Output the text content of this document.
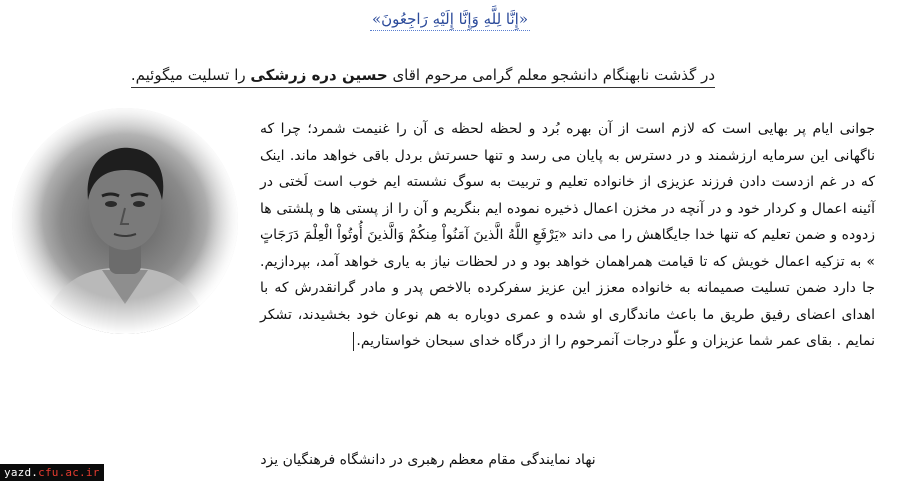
«إِنَّا لِلَّهِ وَإِنَّا إِلَيْهِ رَاجِعُونَ»
در گذشت نابهنگام دانشجو معلم گرامی مرحوم اقای حسین دره زرشکی را تسلیت میگوئیم.

جوانی ایام پر بهایی است که لازم است از آن بهره بُرد و لحظه لحظه ی آن را غنیمت شمرد؛ چرا که ناگهانی این سرمایه ارزشمند و در دسترس به پایان می رسد و تنها حسرتش بردل باقی خواهد ماند. اینک که در غم ازدست دادن فرزند عزیزی از خانواده تعلیم و تربیت به سوگ نشسته ایم خوب است لَختی در آئینه اعمال و کردار خود و در آنچه در مخزن اعمال ذخیره نموده ایم بنگریم و آن را از پستی ها و پلشتی ها زدوده و ضمن تعلیم که تنها خدا جایگاهش را می داند «یَرْفَعِ اللَّهُ الَّذینَ آمَنُواْ مِنكُمْ وَالَّذینَ أُوتُواْ الْعِلْمَ دَرَجَاتٍ » به تزکیه اعمال خویش که تا قیامت همراهمان خواهد بود و در لحظات نیاز به یاری خواهد آمد، بپردازیم. جا دارد ضمن تسلیت صمیمانه به خانواده معزز این عزیز سفرکرده بالاخص پدر و مادر گرانقدرش که با اهدای اعضای رفیق طریق ما باعث ماندگاری او شده و عمری دوباره به هم نوعان خود بخشیدند، تشکر نمایم . بقای عمر شما عزیزان و علّو درجات آنمرحوم را از درگاه خدای سبحان خواستاریم.

نهاد نمایندگی مقام معظم رهبری در دانشگاه فرهنگیان یزد
yazd.cfu.ac.ir
